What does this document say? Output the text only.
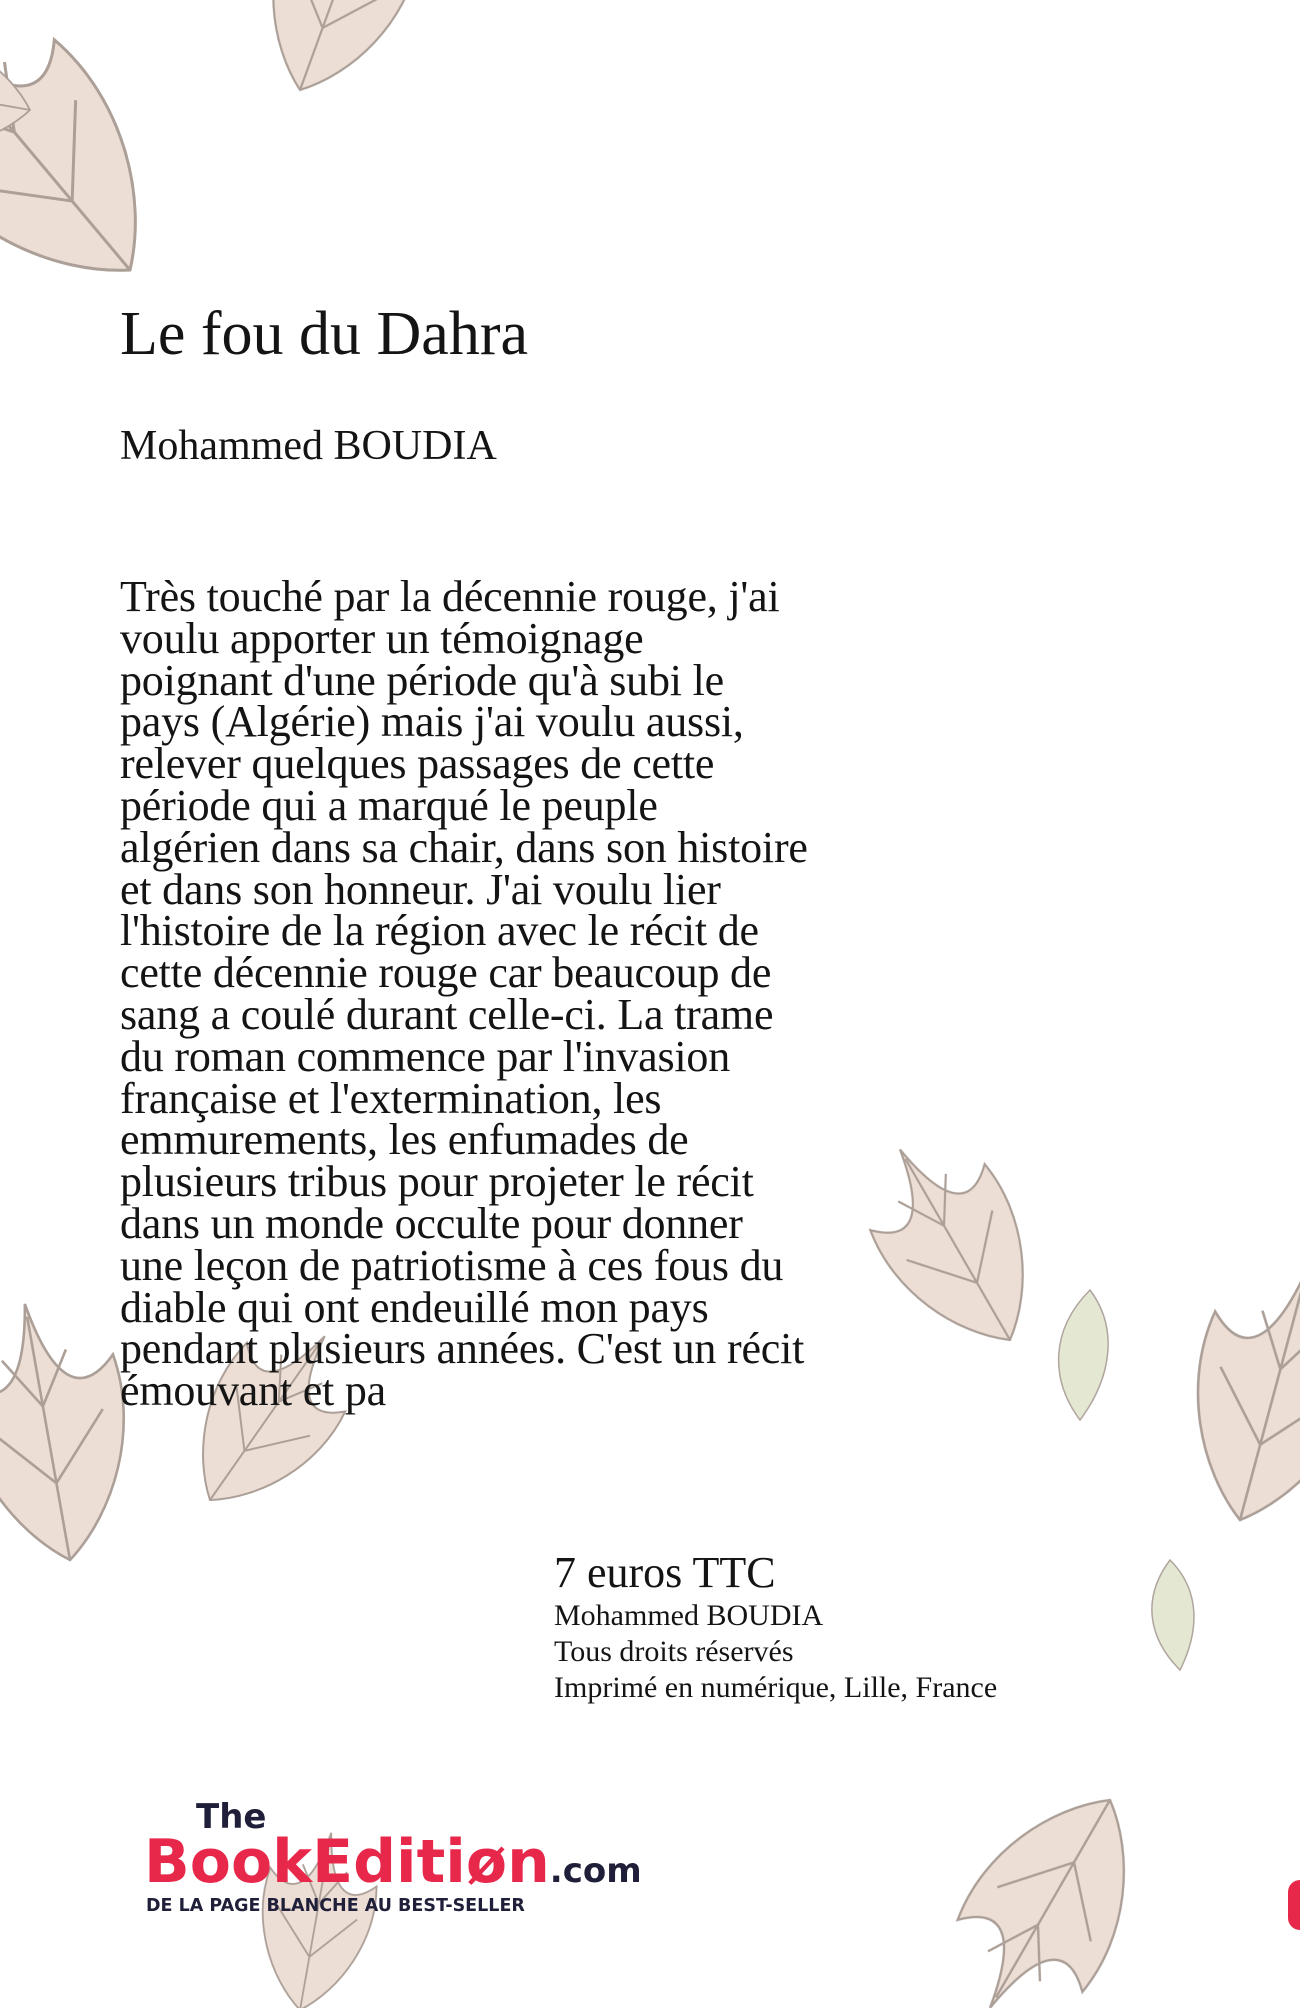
Le fou du Dahra
Mohammed BOUDIA

Très touché par la décennie rouge, j'ai
voulu apporter un témoignage
poignant d'une période qu'à subi le
pays (Algérie) mais j'ai voulu aussi,
relever quelques passages de cette
période qui a marqué le peuple
algérien dans sa chair, dans son histoire
et dans son honneur. J'ai voulu lier
l'histoire de la région avec le récit de
cette décennie rouge car beaucoup de
sang a coulé durant celle-ci. La trame
du roman commence par l'invasion
française et l'extermination, les
emmurements, les enfumades de
plusieurs tribus pour projeter le récit
dans un monde occulte pour donner
une leçon de patriotisme à ces fous du
diable qui ont endeuillé mon pays
pendant plusieurs années. C'est un récit
émouvant et pa

7 euros TTC
Mohammed BOUDIA
Tous droits réservés
Imprimé en numérique, Lille, France
The
BookEditiøn.com
DE LA PAGE BLANCHE AU BEST-SELLER
